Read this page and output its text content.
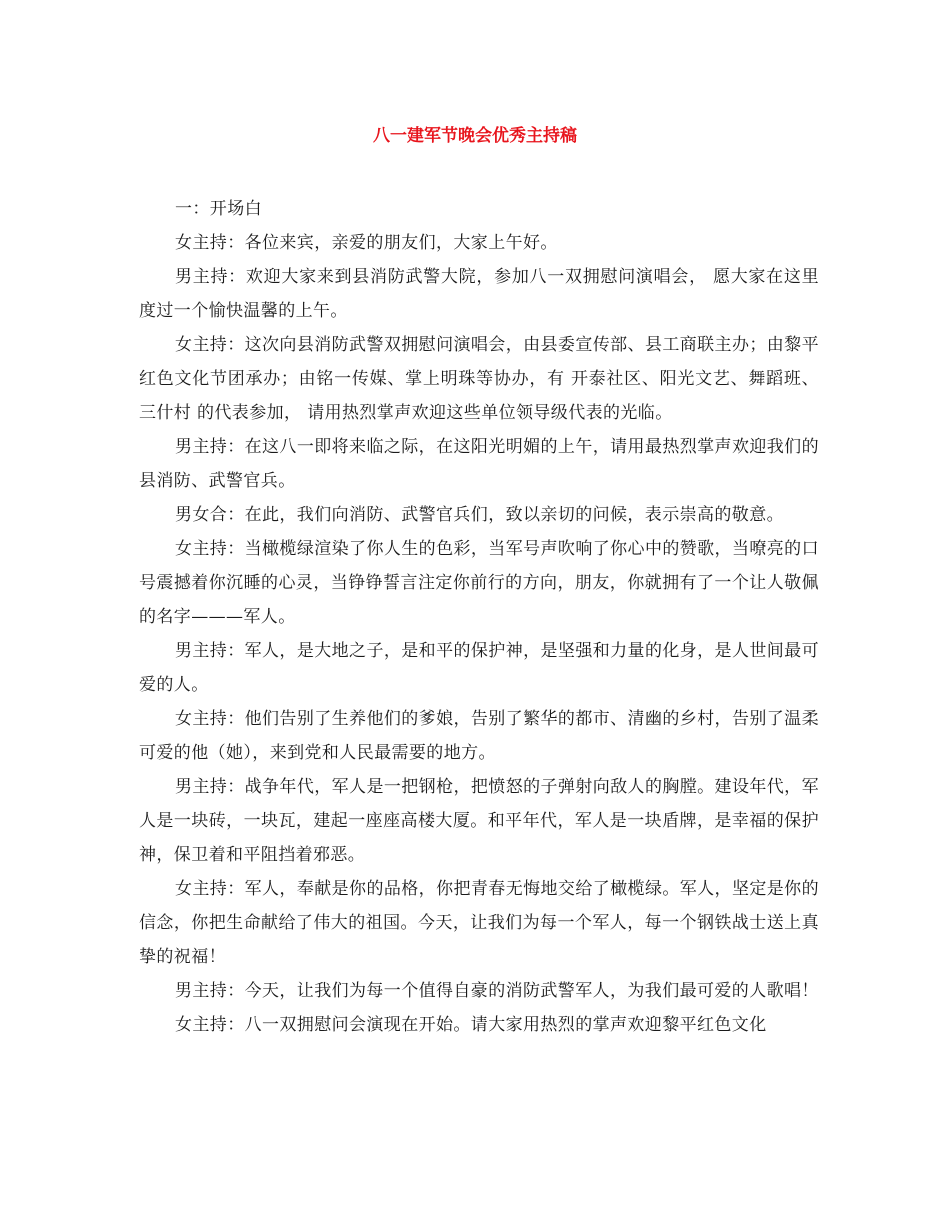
八一建军节晚会优秀主持稿

一：开场白

女主持：各位来宾，亲爱的朋友们，大家上午好。

男主持：欢迎大家来到县消防武警大院，参加八一双拥慰问演唱会， 愿大家在这里度过一个愉快温馨的上午。

女主持：这次向县消防武警双拥慰问演唱会，由县委宣传部、县工商联主办；由黎平红色文化节团承办；由铭一传媒、掌上明珠等协办，有 开泰社区、阳光文艺、舞蹈班、三什村 的代表参加， 请用热烈掌声欢迎这些单位领导级代表的光临。

男主持：在这八一即将来临之际，在这阳光明媚的上午，请用最热烈掌声欢迎我们的县消防、武警官兵。

男女合：在此，我们向消防、武警官兵们，致以亲切的问候，表示崇高的敬意。

女主持：当橄榄绿渲染了你人生的色彩，当军号声吹响了你心中的赞歌，当嘹亮的口号震撼着你沉睡的心灵，当铮铮誓言注定你前行的方向，朋友，你就拥有了一个让人敬佩的名字———军人。

男主持：军人，是大地之子，是和平的保护神，是坚强和力量的化身，是人世间最可爱的人。

女主持：他们告别了生养他们的爹娘，告别了繁华的都市、清幽的乡村，告别了温柔可爱的他（她），来到党和人民最需要的地方。

男主持：战争年代，军人是一把钢枪，把愤怒的子弹射向敌人的胸膛。建设年代，军人是一块砖，一块瓦，建起一座座高楼大厦。和平年代，军人是一块盾牌，是幸福的保护神，保卫着和平阻挡着邪恶。

女主持：军人，奉献是你的品格，你把青春无悔地交给了橄榄绿。军人，坚定是你的信念，你把生命献给了伟大的祖国。今天，让我们为每一个军人，每一个钢铁战士送上真挚的祝福！

男主持：今天，让我们为每一个值得自豪的消防武警军人，为我们最可爱的人歌唱！

女主持：八一双拥慰问会演现在开始。请大家用热烈的掌声欢迎黎平红色文化
